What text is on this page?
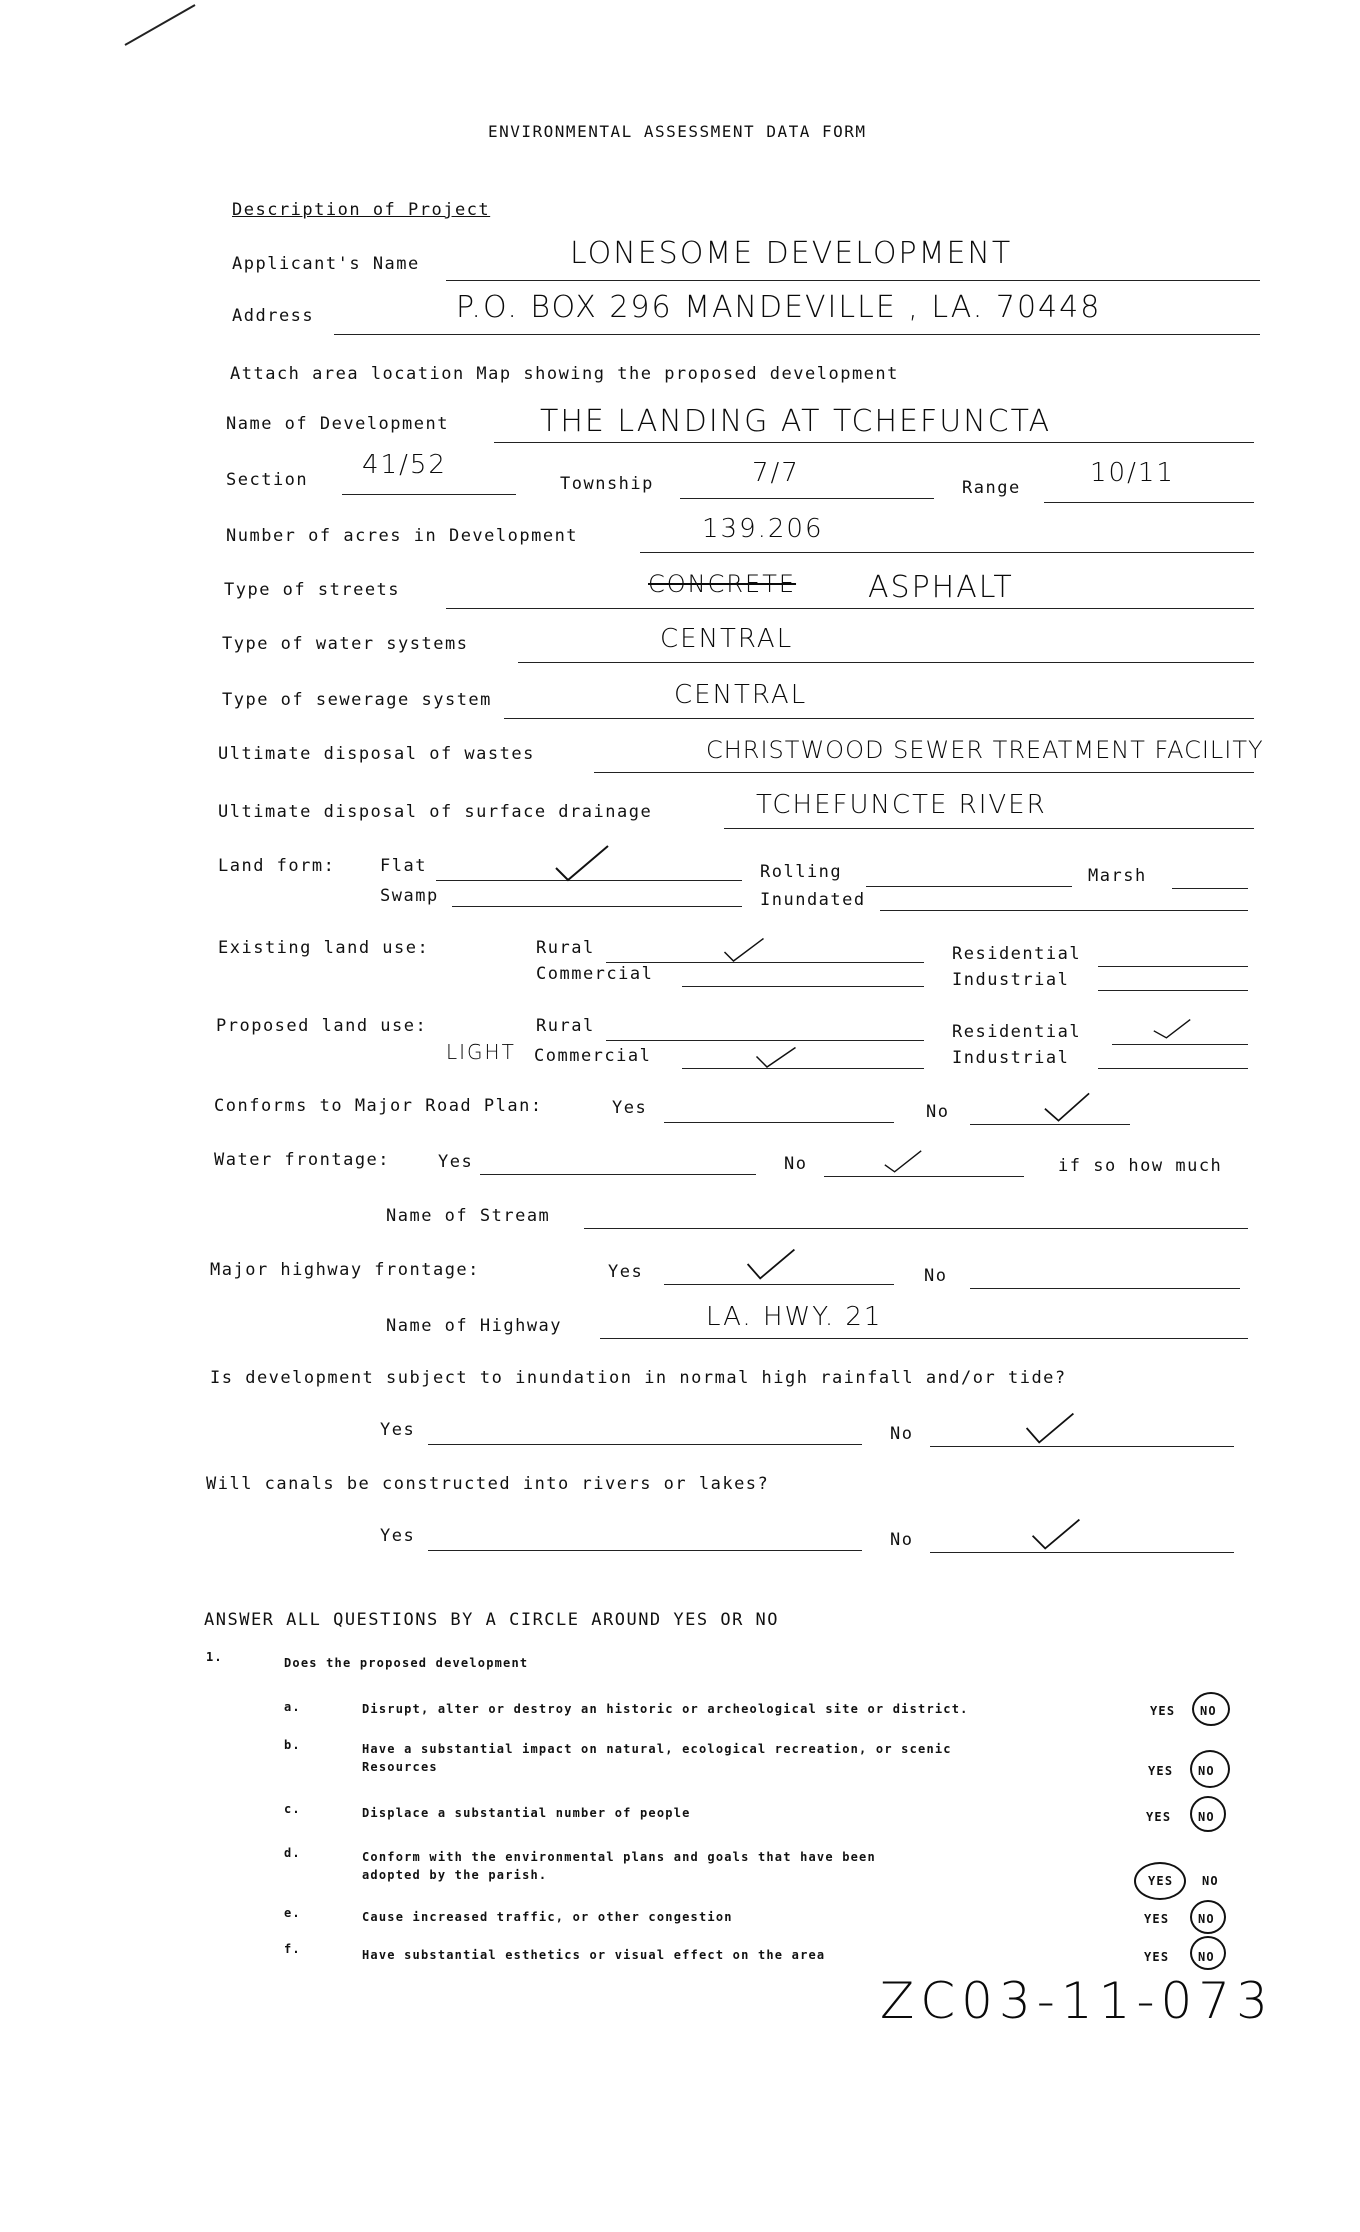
ENVIRONMENTAL ASSESSMENT DATA FORM
Description of Project
Applicant's Name	LONESOME DEVELOPMENT
Address	P.O. BOX 296 MANDEVILLE , LA. 70448
Attach area location Map showing the proposed development
Name of Development	THE LANDING AT TCHEFUNCTA
Section 41/52
Township	7/7	Range	10/11
Number of acres in Development	139.206
Type of streets	CONCRETE ASPHALT
Type of water systems	CENTRAL
Type of sewerage system	CENTRAL
Ultimate disposal of wastes	CHRISTWOOD SEWER TREATMENT FACILITY
Ultimate disposal of surface drainage	TCHEFUNCTE RIVER
Land form:	Flat	Rolling	Marsh
Swamp	Inundated
Existing land use:	Rural	Residential
Commercial	Industrial
Proposed land use:	Rural	Residential
LIGHT Commercial	Industrial
Conforms to Major Road Plan:	Yes	No
Water frontage:	Yes	No	if so how much
Name of Stream
Major highway frontage:	Yes	No
Name of Highway	LA. HWY. 21
Is development subject to inundation in normal high rainfall and/or tide?
Yes	No
Will canals be constructed into rivers or lakes?
Yes	No
ANSWER ALL QUESTIONS BY A CIRCLE AROUND YES OR NO
1.	Does the proposed development
a.	Disrupt, alter or destroy an historic or archeological site or district.	YES NO
b.	Have a substantial impact on natural, ecological recreation, or scenic
Resources	YES NO
c.	Displace a substantial number of people	YES NO
d.	Conform with the environmental plans and goals that have been
adopted by the parish.	YES NO
e.	Cause increased traffic, or other congestion	YES NO
f.	Have substantial esthetics or visual effect on the area	YES NO
ZC03-11-073
